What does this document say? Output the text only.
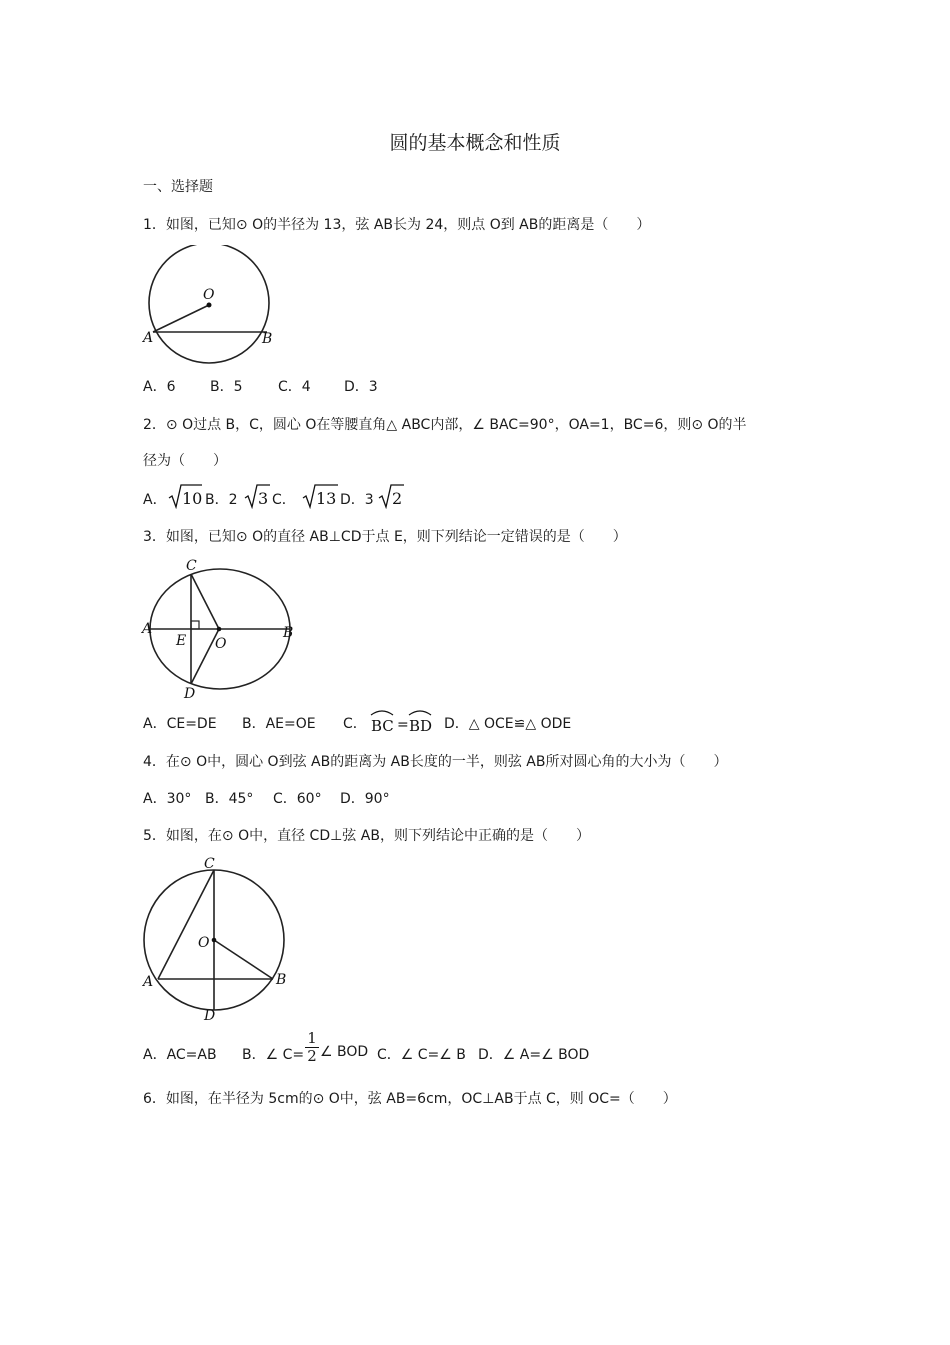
圆的基本概念和性质
一、选择题
1．如图，已知⊙ O的半径为 13，弦 AB长为 24，则点 O到 AB的距离是（　　）
O
A	B
A．6 B．5	C．4 D．3
2．⊙ O过点 B，C，圆心 O在等腰直角△ ABC内部，∠ BAC=90°，OA=1，BC=6，则⊙ O的半
径为（　　）
A． 10 B．2 3 C． 13 D．3 2
3．如图，已知⊙ O的直径 AB⊥CD于点 E，则下列结论一定错误的是（　　）
C
A
E O
B
D
A．CE=DE B．AE=OE C． BC = BD D．△ OCE≌△ ODE
4．在⊙ O中，圆心 O到弦 AB的距离为 AB长度的一半，则弦 AB所对圆心角的大小为（　　）
A．30° B．45° C．60° D．90°
5．如图，在⊙ O中，直径 CD⊥弦 AB，则下列结论中正确的是（　　）
C
O
A	B
D
A．AC=AB B．∠ $C= \frac{1}{2}$ ∠ BOD C．∠ C=∠ B D．∠ A=∠ BOD
6．如图，在半径为 5cm的⊙ O中，弦 AB=6cm，OC⊥AB于点 C，则 OC=（　　）
